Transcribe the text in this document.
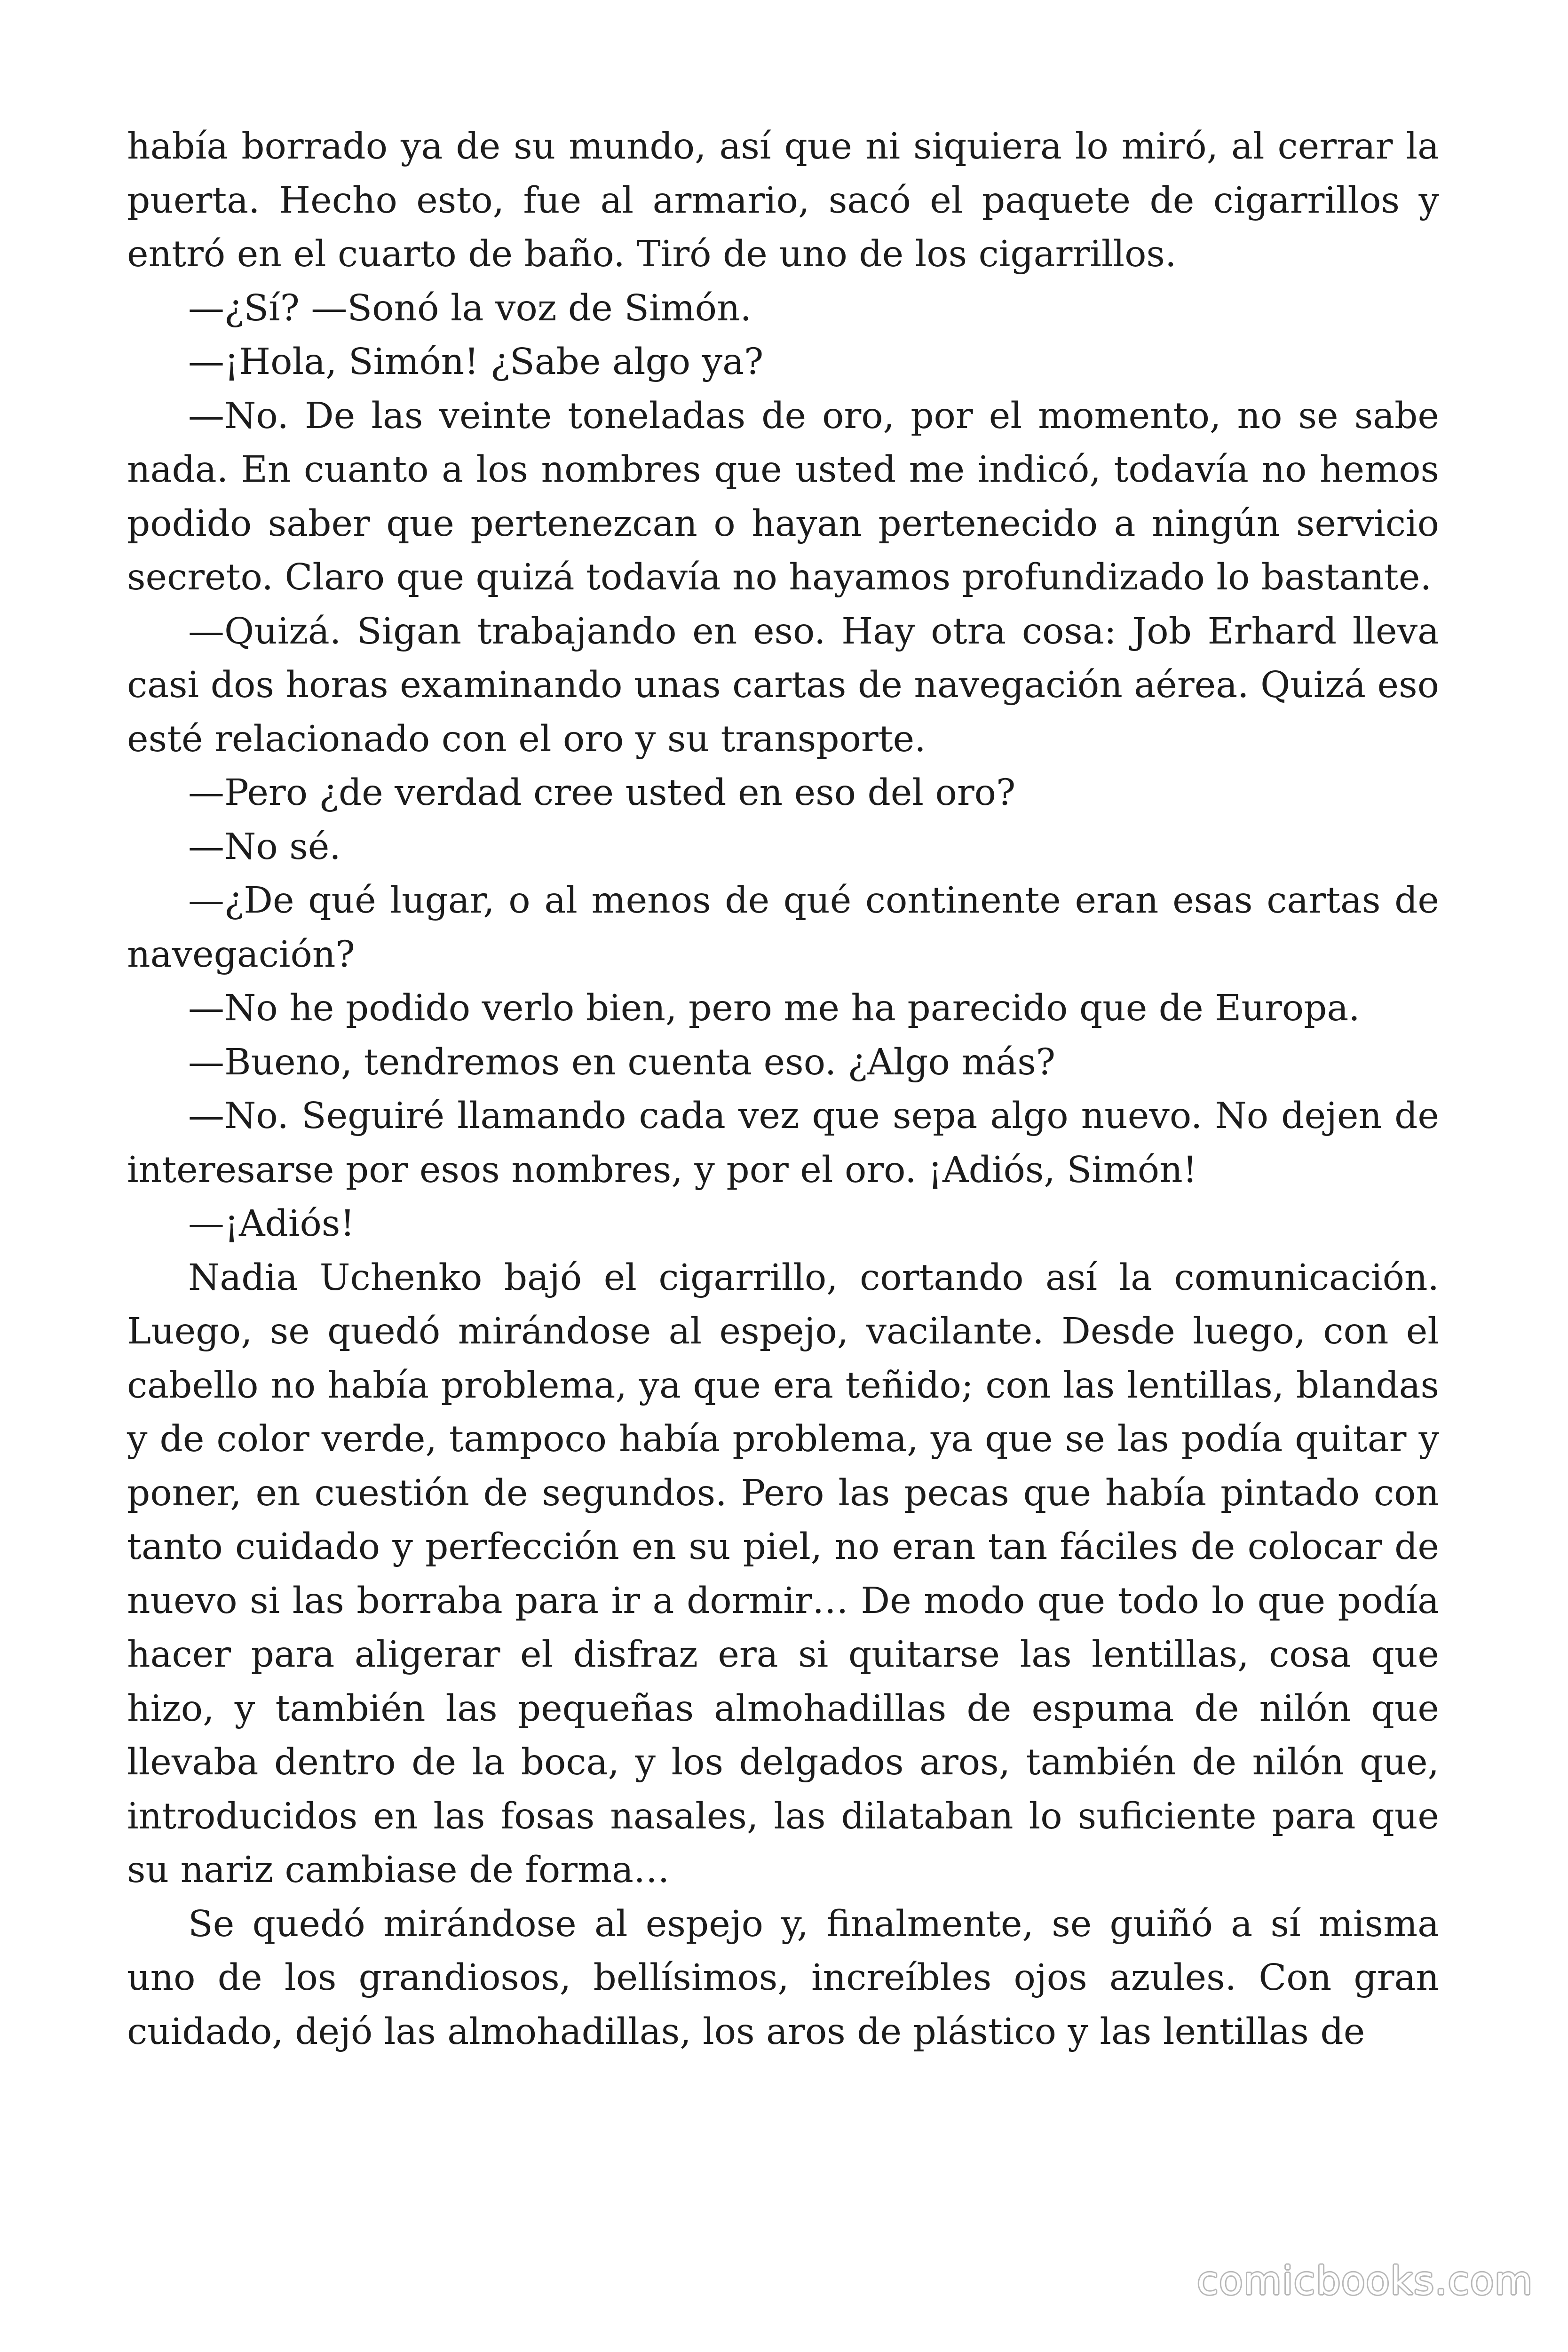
había borrado ya de su mundo, así que ni siquiera lo miró, al cerrar la puerta. Hecho esto, fue al armario, sacó el paquete de cigarrillos y entró en el cuarto de baño. Tiró de uno de los cigarrillos.

—¿Sí? —Sonó la voz de Simón.

—¡Hola, Simón! ¿Sabe algo ya?

—No. De las veinte toneladas de oro, por el momento, no se sabe nada. En cuanto a los nombres que usted me indicó, todavía no hemos podido saber que pertenezcan o hayan pertenecido a ningún servicio secreto. Claro que quizá todavía no hayamos profundizado lo bastante.

—Quizá. Sigan trabajando en eso. Hay otra cosa: Job Erhard lleva casi dos horas examinando unas cartas de navegación aérea. Quizá eso esté relacionado con el oro y su transporte.

—Pero ¿de verdad cree usted en eso del oro?

—No sé.

—¿De qué lugar, o al menos de qué continente eran esas cartas de navegación?

—No he podido verlo bien, pero me ha parecido que de Europa.

—Bueno, tendremos en cuenta eso. ¿Algo más?

—No. Seguiré llamando cada vez que sepa algo nuevo. No dejen de interesarse por esos nombres, y por el oro. ¡Adiós, Simón!

—¡Adiós!

Nadia Uchenko bajó el cigarrillo, cortando así la comunicación. Luego, se quedó mirándose al espejo, vacilante. Desde luego, con el cabello no había problema, ya que era teñido; con las lentillas, blandas y de color verde, tampoco había problema, ya que se las podía quitar y poner, en cuestión de segundos. Pero las pecas que había pintado con tanto cuidado y perfección en su piel, no eran tan fáciles de colocar de nuevo si las borraba para ir a dormir… De modo que todo lo que podía hacer para aligerar el disfraz era si quitarse las lentillas, cosa que hizo, y también las pequeñas almohadillas de espuma de nilón que llevaba dentro de la boca, y los delgados aros, también de nilón que, introducidos en las fosas nasales, las dilataban lo suficiente para que su nariz cambiase de forma…

Se quedó mirándose al espejo y, finalmente, se guiñó a sí misma uno de los grandiosos, bellísimos, increíbles ojos azules. Con gran cuidado, dejó las almohadillas, los aros de plástico y las lentillas de

comicbooks.com
